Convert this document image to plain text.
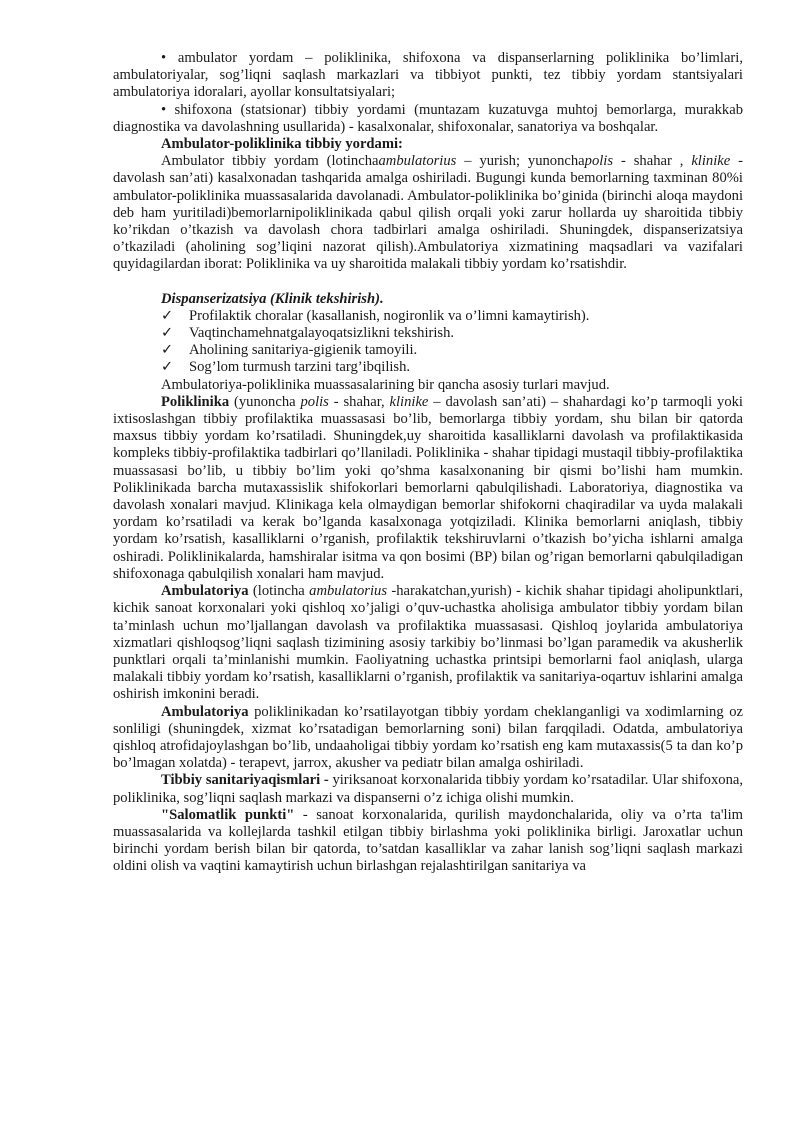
• ambulator yordam – poliklinika, shifoxona va dispanserlarning poliklinika bo’limlari, ambulatoriyalar, sog’liqni saqlash markazlari va tibbiyot punkti, tez tibbiy yordam stantsiyalari ambulatoriya idoralari, ayollar konsultatsiyalari;

• shifoxona (statsionar) tibbiy yordami (muntazam kuzatuvga muhtoj bemorlarga, murakkab diagnostika va davolashning usullarida) - kasalxonalar, shifoxonalar, sanatoriya va boshqalar.

Ambulator-poliklinika tibbiy yordami:

Ambulator tibbiy yordam (lotinchaambulatorius – yurish; yunonchapolis - shahar , klinike - davolash san’ati) kasalxonadan tashqarida amalga oshiriladi. Bugungi kunda bemorlarning taxminan 80%i ambulator-poliklinika muassasalarida davolanadi. Ambulator-poliklinika bo’ginida (birinchi aloqa maydoni deb ham yuritiladi)bemorlarnipoliklinikada qabul qilish orqali yoki zarur hollarda uy sharoitida tibbiy ko’rikdan o’tkazish va davolash chora tadbirlari amalga oshiriladi. Shuningdek, dispanserizatsiya o’tkaziladi (aholining sog’liqini nazorat qilish).Ambulatoriya xizmatining maqsadlari va vazifalari quyidagilardan iborat: Poliklinika va uy sharoitida malakali tibbiy yordam ko’rsatishdir.

Dispanserizatsiya (Klinik tekshirish).

✓ Profilaktik choralar (kasallanish, nogironlik va o’limni kamaytirish).
✓ Vaqtinchamehnatgalayoqatsizlikni tekshirish.
✓ Aholining sanitariya-gigienik tamoyili.
✓ Sog’lom turmush tarzini targ’ibqilish.

Ambulatoriya-poliklinika muassasalarining bir qancha asosiy turlari mavjud.

Poliklinika (yunoncha polis - shahar, klinike – davolash san’ati) – shahardagi ko’p tarmoqli yoki ixtisoslashgan tibbiy profilaktika muassasasi bo’lib, bemorlarga tibbiy yordam, shu bilan bir qatorda maxsus tibbiy yordam ko’rsatiladi. Shuningdek,uy sharoitida kasalliklarni davolash va profilaktikasida kompleks tibbiy-profilaktika tadbirlari qo’llaniladi. Poliklinika - shahar tipidagi mustaqil tibbiy-profilaktika muassasasi bo’lib, u tibbiy bo’lim yoki qo’shma kasalxonaning bir qismi bo’lishi ham mumkin. Poliklinikada barcha mutaxassislik shifokorlari bemorlarni qabulqilishadi. Laboratoriya, diagnostika va davolash xonalari mavjud. Klinikaga kela olmaydigan bemorlar shifokorni chaqiradilar va uyda malakali yordam ko’rsatiladi va kerak bo’lganda kasalxonaga yotqiziladi. Klinika bemorlarni aniqlash, tibbiy yordam ko’rsatish, kasalliklarni o’rganish, profilaktik tekshiruvlarni o’tkazish bo’yicha ishlarni amalga oshiradi. Poliklinikalarda, hamshiralar isitma va qon bosimi (BP) bilan og’rigan bemorlarni qabulqiladigan shifoxonaga qabulqilish xonalari ham mavjud.

Ambulatoriya (lotincha ambulatorius -harakatchan,yurish) - kichik shahar tipidagi aholipunktlari, kichik sanoat korxonalari yoki qishloq xo’jaligi o’quv-uchastka aholisiga ambulator tibbiy yordam bilan ta’minlash uchun mo’ljallangan davolash va profilaktika muassasasi. Qishloq joylarida ambulatoriya xizmatlari qishloqsog’liqni saqlash tizimining asosiy tarkibiy bo’linmasi bo’lgan paramedik va akusherlik punktlari orqali ta’minlanishi mumkin. Faoliyatning uchastka printsipi bemorlarni faol aniqlash, ularga malakali tibbiy yordam ko’rsatish, kasalliklarni o’rganish, profilaktik va sanitariya-oqartuv ishlarini amalga oshirish imkonini beradi.

Ambulatoriya poliklinikadan ko’rsatilayotgan tibbiy yordam cheklanganligi va xodimlarning oz sonliligi (shuningdek, xizmat ko’rsatadigan bemorlarning soni) bilan farqqiladi. Odatda, ambulatoriya qishloq atrofidajoylashgan bo’lib, undaaholigai tibbiy yordam ko’rsatish eng kam mutaxassis(5 ta dan ko’p bo’lmagan xolatda) - terapevt, jarrox, akusher va pediatr bilan amalga oshiriladi.

Tibbiy sanitariyaqismlari - yiriksanoat korxonalarida tibbiy yordam ko’rsatadilar. Ular shifoxona, poliklinika, sog’liqni saqlash markazi va dispanserni o’z ichiga olishi mumkin.

"Salomatlik punkti" - sanoat korxonalarida, qurilish maydonchalarida, oliy va o’rta ta'lim muassasalarida va kollejlarda tashkil etilgan tibbiy birlashma yoki poliklinika birligi. Jaroxatlar uchun birinchi yordam berish bilan bir qatorda, to’satdan kasalliklar va zahar lanish sog’liqni saqlash markazi oldini olish va vaqtini kamaytirish uchun birlashgan rejalashtirilgan sanitariya va
